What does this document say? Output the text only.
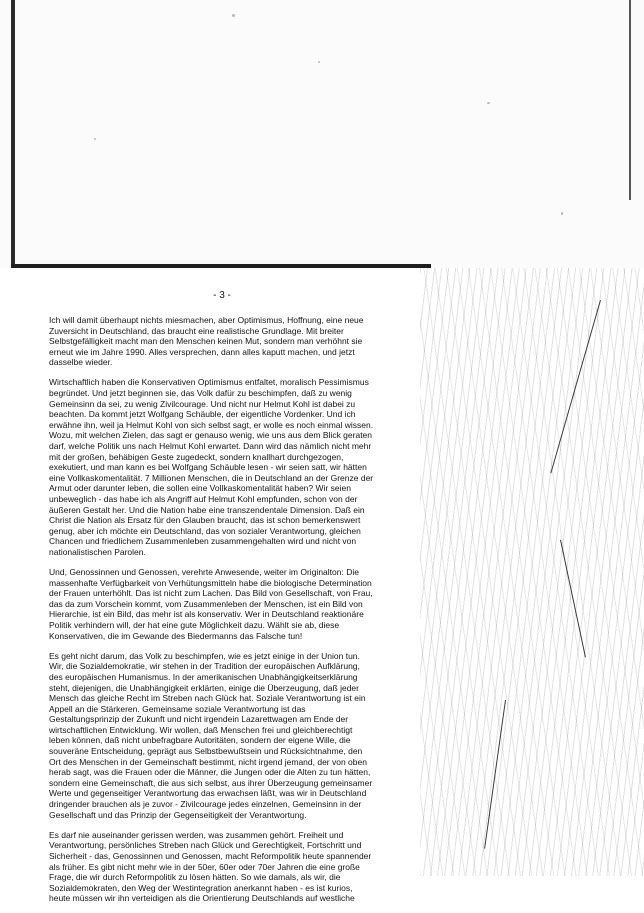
- 3 -
Ich will damit überhaupt nichts miesmachen, aber Optimismus, Hoffnung, eine neue
Zuversicht in Deutschland, das braucht eine realistische Grundlage. Mit breiter
Selbstgefälligkeit macht man den Menschen keinen Mut, sondern man verhöhnt sie
erneut wie im Jahre 1990. Alles versprechen, dann alles kaputt machen, und jetzt
dasselbe wieder.
Wirtschaftlich haben die Konservativen Optimismus entfaltet, moralisch Pessimismus
begründet. Und jetzt beginnen sie, das Volk dafür zu beschimpfen, daß zu wenig
Gemeinsinn da sei, zu wenig Zivilcourage. Und nicht nur Helmut Kohl ist dabei zu
beachten. Da kommt jetzt Wolfgang Schäuble, der eigentliche Vordenker. Und ich
erwähne ihn, weil ja Helmut Kohl von sich selbst sagt, er wolle es noch einmal wissen.
Wozu, mit welchen Zielen, das sagt er genauso wenig, wie uns aus dem Blick geraten
darf, welche Politik uns nach Helmut Kohl erwartet. Dann wird das nämlich nicht mehr
mit der großen, behäbigen Geste zugedeckt, sondern knallhart durchgezogen,
exekutiert, und man kann es bei Wolfgang Schäuble lesen - wir seien satt, wir hätten
eine Vollkaskomentalität. 7 Millionen Menschen, die in Deutschland an der Grenze der
Armut oder darunter leben, die sollen eine Vollkaskomentalität haben? Wir seien
unbeweglich - das habe ich als Angriff auf Helmut Kohl empfunden, schon von der
äußeren Gestalt her. Und die Nation habe eine transzendentale Dimension. Daß ein
Christ die Nation als Ersatz für den Glauben braucht, das ist schon bemerkenswert
genug, aber ich möchte ein Deutschland, das von sozialer Verantwortung, gleichen
Chancen und friedlichem Zusammenleben zusammengehalten wird und nicht von
nationalistischen Parolen.
Und, Genossinnen und Genossen, verehrte Anwesende, weiter im Originalton: Die
massenhafte Verfügbarkeit von Verhütungsmitteln habe die biologische Determination
der Frauen unterhöhlt. Das ist nicht zum Lachen. Das Bild von Gesellschaft, von Frau,
das da zum Vorschein kommt, vom Zusammenleben der Menschen, ist ein Bild von
Hierarchie, ist ein Bild, das mehr ist als konservativ. Wer in Deutschland reaktionäre
Politik verhindern will, der hat eine gute Möglichkeit dazu. Wählt sie ab, diese
Konservativen, die im Gewande des Biedermanns das Falsche tun!
Es geht nicht darum, das Volk zu beschimpfen, wie es jetzt einige in der Union tun.
Wir, die Sozialdemokratie, wir stehen in der Tradition der europäischen Aufklärung,
des europäischen Humanismus. In der amerikanischen Unabhängigkeitserklärung
steht, diejenigen, die Unabhängigkeit erklärten, einige die Überzeugung, daß jeder
Mensch das gleiche Recht im Streben nach Glück hat. Soziale Verantwortung ist ein
Appell an die Stärkeren. Gemeinsame soziale Verantwortung ist das
Gestaltungsprinzip der Zukunft und nicht irgendein Lazarettwagen am Ende der
wirtschaftlichen Entwicklung. Wir wollen, daß Menschen frei und gleichberechtigt
leben können, daß nicht unbefragbare Autoritäten, sondern der eigene Wille, die
souveräne Entscheidung, geprägt aus Selbstbewußtsein und Rücksichtnahme, den
Ort des Menschen in der Gemeinschaft bestimmt, nicht irgend jemand, der von oben
herab sagt, was die Frauen oder die Männer, die Jungen oder die Alten zu tun hätten,
sondern eine Gemeinschaft, die aus sich selbst, aus ihrer Überzeugung gemeinsamer
Werte und gegenseitiger Verantwortung das erwachsen läßt, was wir in Deutschland
dringender brauchen als je zuvor - Zivilcourage jedes einzelnen, Gemeinsinn in der
Gesellschaft und das Prinzip der Gegenseitigkeit der Verantwortung.
Es darf nie auseinander gerissen werden, was zusammen gehört. Freiheit und
Verantwortung, persönliches Streben nach Glück und Gerechtigkeit, Fortschritt und
Sicherheit - das, Genossinnen und Genossen, macht Reformpolitik heute spannender
als früher. Es gibt nicht mehr wie in der 50er, 60er oder 70er Jahren die eine große
Frage, die wir durch Reformpolitik zu lösen hätten. So wie damals, als wir, die
Sozialdemokraten, den Weg der Westintegration anerkannt haben - es ist kurios,
heute müssen wir ihn verteidigen als die Orientierung Deutschlands auf westliche
